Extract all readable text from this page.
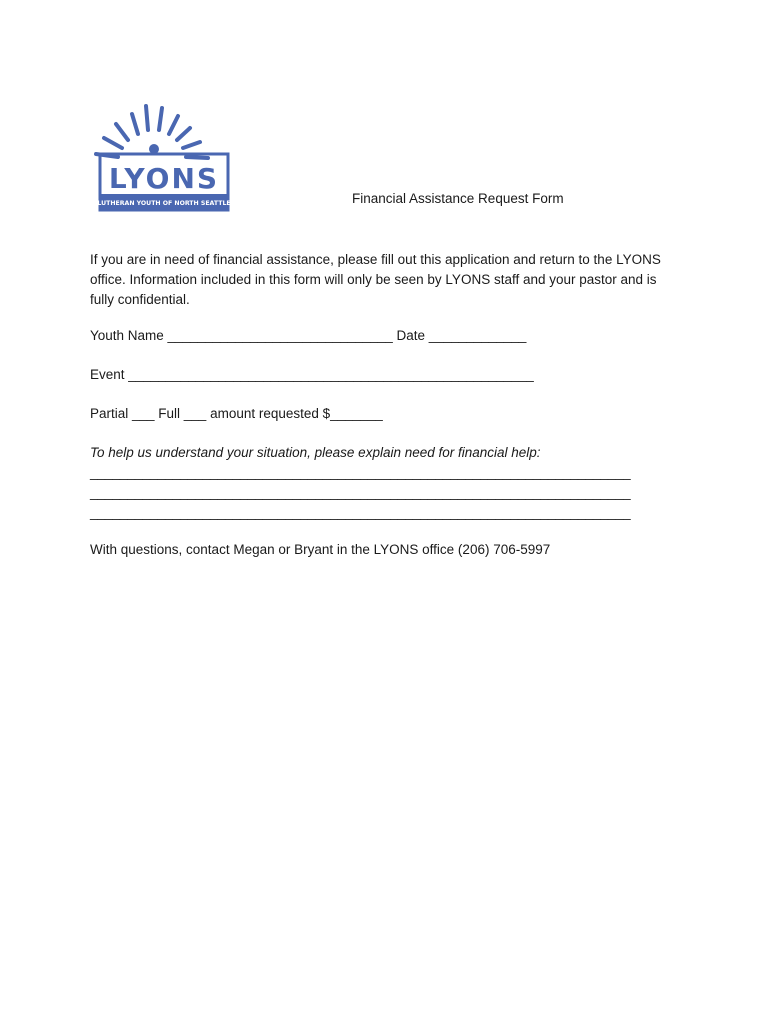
LYONS
LUTHERAN YOUTH OF NORTH SEATTLE	Financial Assistance Request Form
If you are in need of financial assistance, please fill out this application and return to the LYONS
office. Information included in this form will only be seen by LYONS staff and your pastor and is
fully confidential.
Youth Name ______________________________ Date _____________
Event ______________________________________________________
Partial ___ Full ___ amount requested $_______
To help us understand your situation, please explain need for financial help:
________________________________________________________________________
________________________________________________________________________
________________________________________________________________________
With questions, contact Megan or Bryant in the LYONS office (206) 706-5997
